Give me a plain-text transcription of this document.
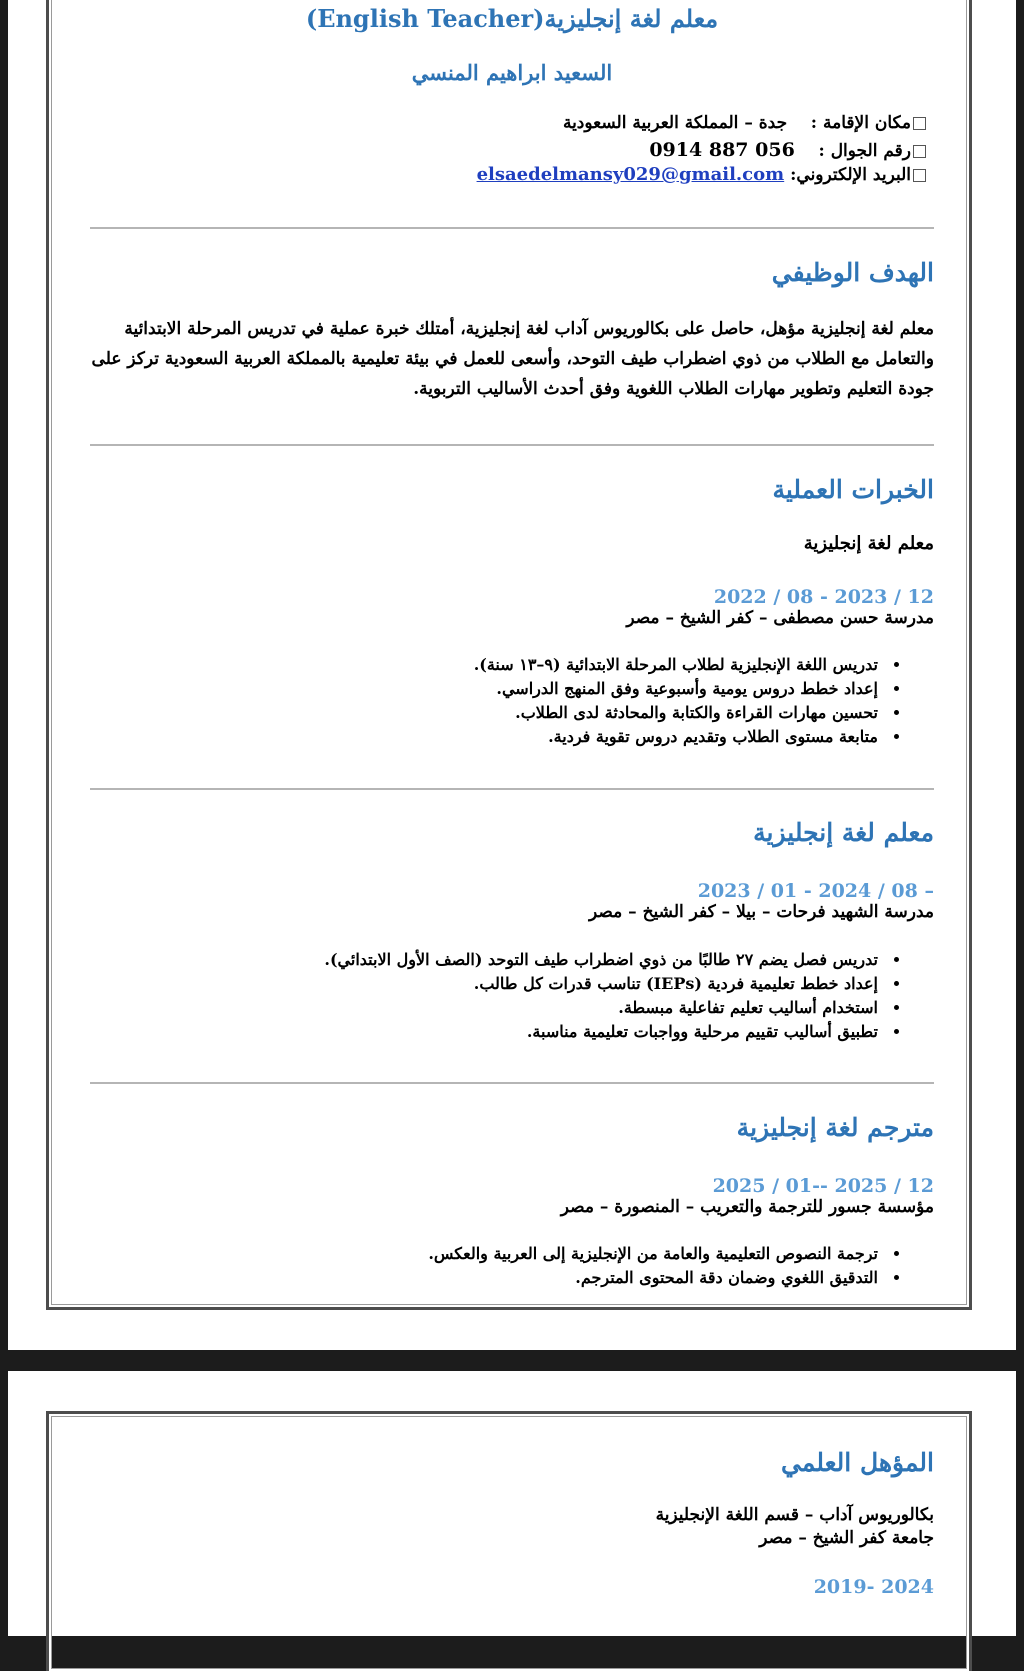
معلم لغة إنجليزية(English Teacher)
السعيد ابراهيم المنسي
مكان الإقامة :    جدة – المملكة العربية السعودية
رقم الجوال :    056 887 0914
البريد الإلكتروني: elsaedelmansy029@gmail.com
الهدف الوظيفي
معلم لغة إنجليزية مؤهل، حاصل على بكالوريوس آداب لغة إنجليزية، أمتلك خبرة عملية في تدريس المرحلة الابتدائية والتعامل مع الطلاب من ذوي اضطراب طيف التوحد، وأسعى للعمل في بيئة تعليمية بالمملكة العربية السعودية تركز على جودة التعليم وتطوير مهارات الطلاب اللغوية وفق أحدث الأساليب التربوية.
الخبرات العملية
معلم لغة إنجليزية
12 / 2023 - 08 / 2022
مدرسة حسن مصطفى – كفر الشيخ – مصر
• تدريس اللغة الإنجليزية لطلاب المرحلة الابتدائية (٩–١٣ سنة).
• إعداد خطط دروس يومية وأسبوعية وفق المنهج الدراسي.
• تحسين مهارات القراءة والكتابة والمحادثة لدى الطلاب.
• متابعة مستوى الطلاب وتقديم دروس تقوية فردية.
معلم لغة إنجليزية
– 08 / 2024 - 01 / 2023
مدرسة الشهيد فرحات – بيلا – كفر الشيخ – مصر
• تدريس فصل يضم ٢٧ طالبًا من ذوي اضطراب طيف التوحد (الصف الأول الابتدائي).
• إعداد خطط تعليمية فردية (IEPs) تناسب قدرات كل طالب.
• استخدام أساليب تعليم تفاعلية مبسطة.
• تطبيق أساليب تقييم مرحلية وواجبات تعليمية مناسبة.
مترجم لغة إنجليزية
12 / 2025 --01 / 2025
مؤسسة جسور للترجمة والتعريب – المنصورة – مصر
• ترجمة النصوص التعليمية والعامة من الإنجليزية إلى العربية والعكس.
• التدقيق اللغوي وضمان دقة المحتوى المترجم.
المؤهل العلمي
بكالوريوس آداب – قسم اللغة الإنجليزية
جامعة كفر الشيخ – مصر
2024 -2019
